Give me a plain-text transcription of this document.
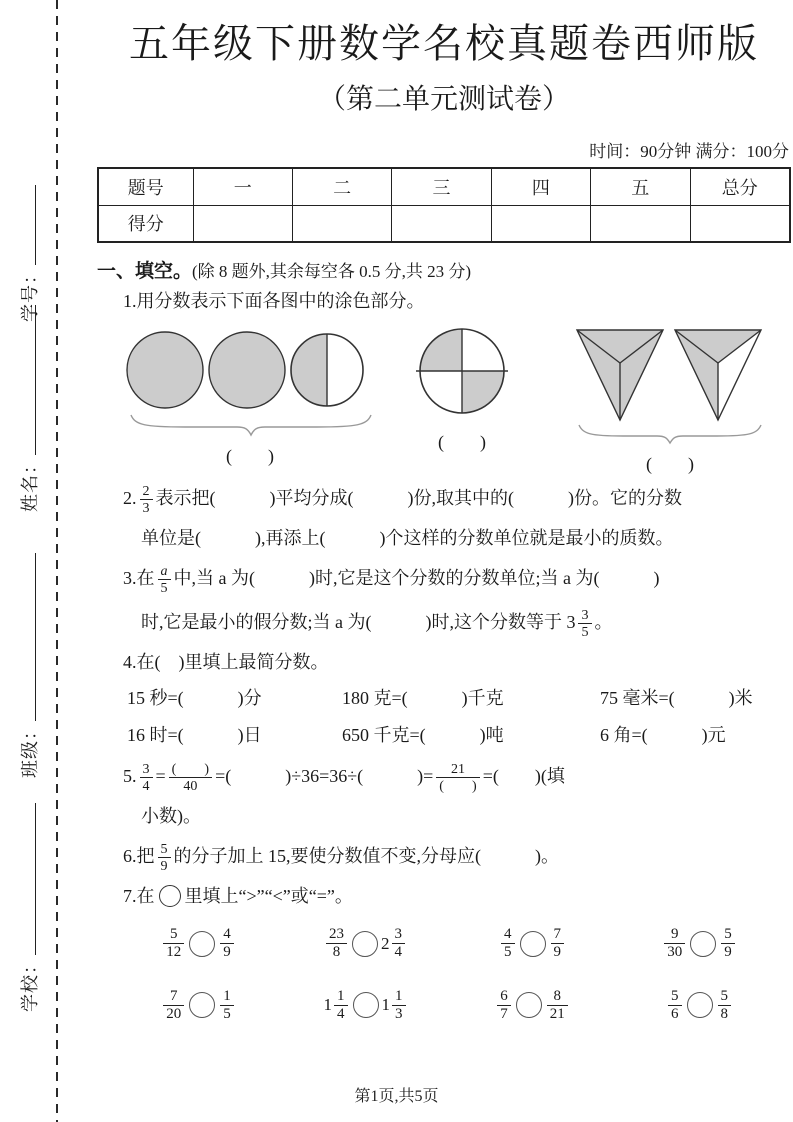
学号：
姓名：
班级：
学校：
五年级下册数学名校真题卷西师版
（第二单元测试卷）
时间：90分钟 满分：100分
题号	一	二	三	四	五	总分
得分						
一、填空。(除 8 题外,其余每空各 0.5 分,共 23 分)
1.用分数表示下面各图中的涂色部分。
(　　)
(　　)
(　　)
2. $\frac{2}{3}$ 表示把(　　　)平均分成(　　　)份,取其中的(　　　)份。它的分数
单位是(　　　),再添上(　　　)个这样的分数单位就是最小的质数。
3.在 $\frac{a}{5}$ 中,当 a 为(　　　)时,它是这个分数的分数单位;当 a 为(　　　)
时,它是最小的假分数;当 a 为(　　　)时,这个分数等于 $3 \frac{3}{5}$ 。
4.在(　)里填上最简分数。
15 秒=(　　　)分	180 克=(　　　)千克	75 毫米=(　　　)米
16 时=(　　　)日	650 千克=(　　　)吨	6 角=(　　　)元
5. $\frac{3}{4} = \frac{( )}{40}$ =(　　　)÷36=36÷(　　　)= $\frac{21}{( )}$ =(　　)(填
小数)。
6.把 $\frac{5}{9}$ 的分子加上 15,要使分数值不变,分母应(　　　)。
7.在 里填上“>”“<”或“=”。
$\frac{5}{12} \frac{4}{9}$	$\frac{23}{8} 2 \frac{3}{4}$	$\frac{4}{5} \frac{7}{9}$	$\frac{9}{30} \frac{5}{9}$
$\frac{7}{20} \frac{1}{5}$	$1 \frac{1}{4} 1 \frac{1}{3}$	$\frac{6}{7} \frac{8}{21}$	$\frac{5}{6} \frac{5}{8}$
第1页,共5页
